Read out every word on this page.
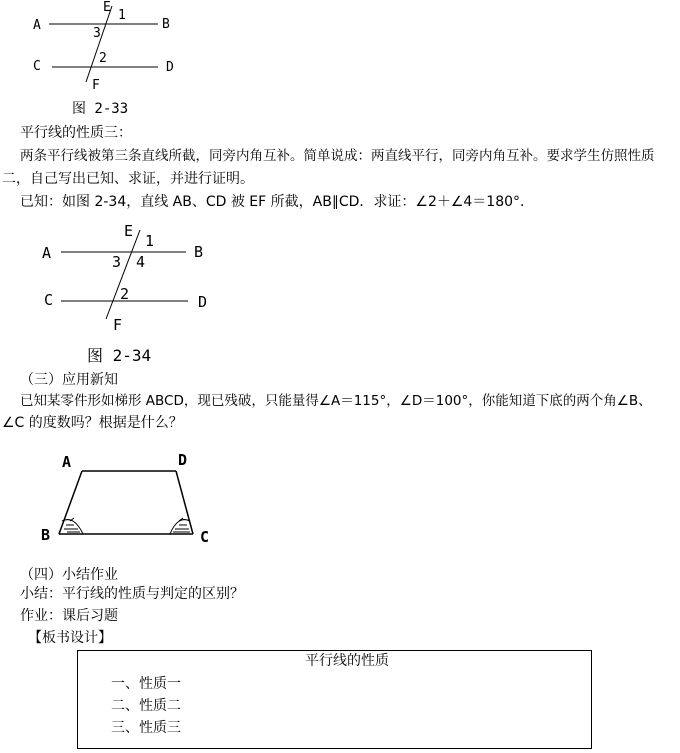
A	B
C	D
E
F
1
3
2
图 2-33
平行线的性质三：
两条平行线被第三条直线所截，同旁内角互补。简单说成：两直线平行，同旁内角互补。要求学生仿照性质
二，自己写出已知、求证，并进行证明。
已知：如图 2-34，直线 AB、CD 被 EF 所截，AB∥CD．求证：∠2＋∠4＝180°．
A	B
C	D
E
F
1
3 4
2
图 2-34
（三）应用新知
已知某零件形如梯形 ABCD，现已残破，只能量得∠A＝115°，∠D＝100°，你能知道下底的两个角∠B、
∠C 的度数吗？根据是什么？
A	D
B	C
（四）小结作业
小结：平行线的性质与判定的区别？
作业：课后习题
【板书设计】
平行线的性质
一、性质一
二、性质二
三、性质三
